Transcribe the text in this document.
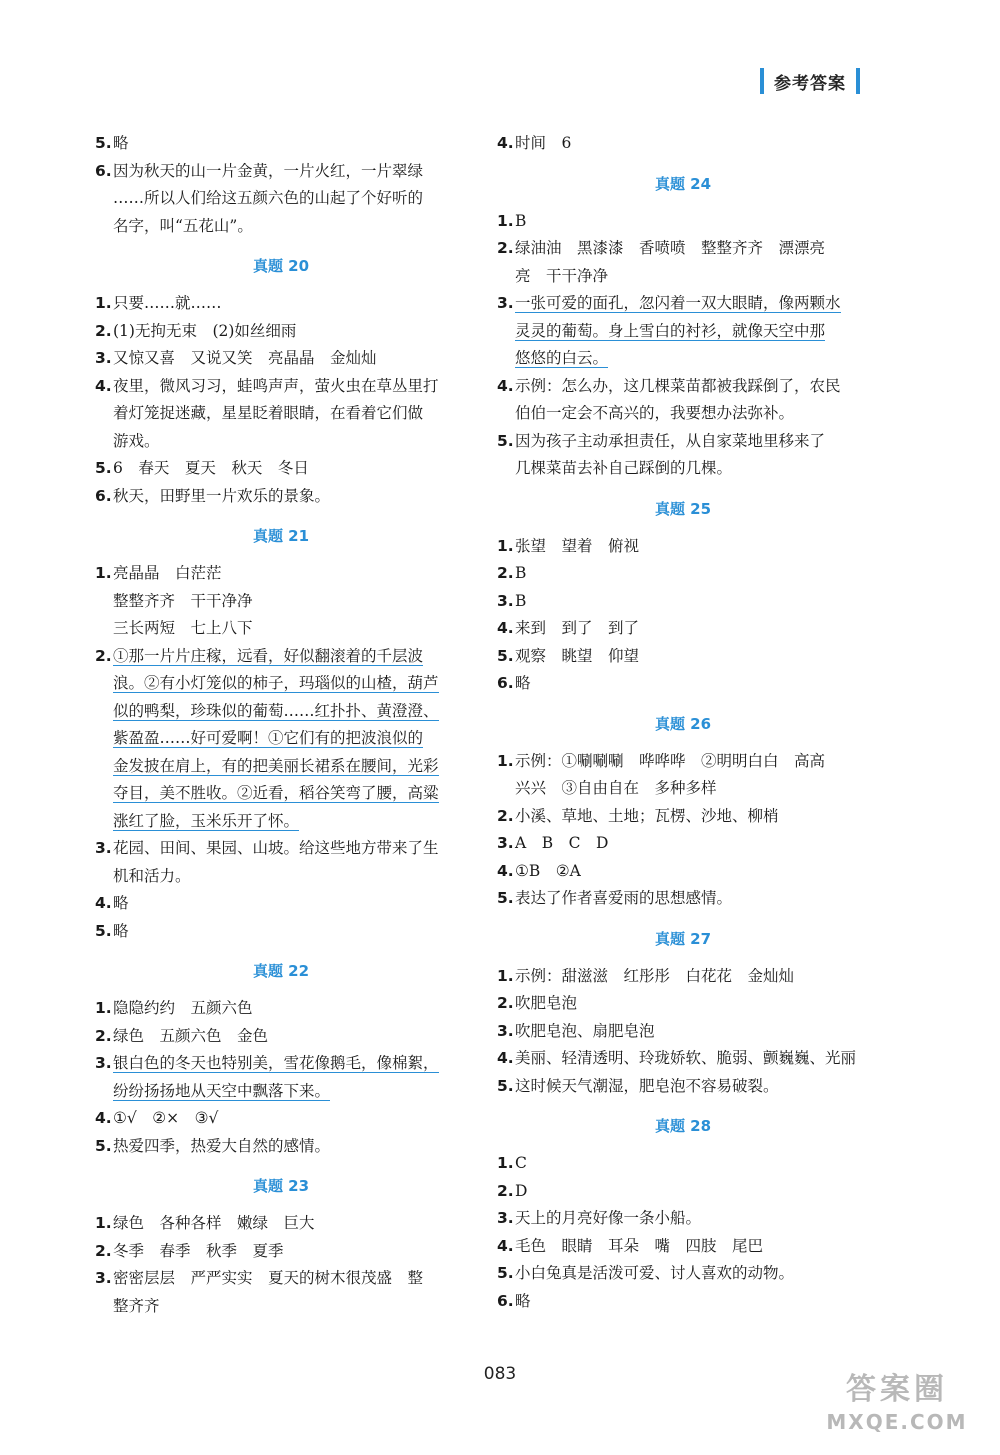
参考答案
5. 略
6. 因为秋天的山一片金黄，一片火红，一片翠绿
……所以人们给这五颜六色的山起了个好听的
名字，叫“五花山”。
真题 20
1. 只要……就……
2. (1)无拘无束　(2)如丝细雨
3. 又惊又喜　又说又笑　亮晶晶　金灿灿
4. 夜里，微风习习，蛙鸣声声，萤火虫在草丛里打
着灯笼捉迷藏，星星眨着眼睛，在看着它们做
游戏。
5. 6　春天　夏天　秋天　冬日
6. 秋天，田野里一片欢乐的景象。
真题 21
1. 亮晶晶　白茫茫
整整齐齐　干干净净
三长两短　七上八下
2. ①那一片片庄稼，远看，好似翻滚着的千层波
浪。②有小灯笼似的柿子，玛瑙似的山楂，葫芦
似的鸭梨，珍珠似的葡萄……红扑扑、黄澄澄、
紫盈盈……好可爱啊！①它们有的把波浪似的
金发披在肩上，有的把美丽长裙系在腰间，光彩
夺目，美不胜收。②近看，稻谷笑弯了腰，高粱
涨红了脸，玉米乐开了怀。
3. 花园、田间、果园、山坡。给这些地方带来了生
机和活力。
4. 略
5. 略
真题 22
1. 隐隐约约　五颜六色
2. 绿色　五颜六色　金色
3. 银白色的冬天也特别美，雪花像鹅毛，像棉絮，
纷纷扬扬地从天空中飘落下来。
4. ①√　②×　③√
5. 热爱四季，热爱大自然的感情。
真题 23
1. 绿色　各种各样　嫩绿　巨大
2. 冬季　春季　秋季　夏季
3. 密密层层　严严实实　夏天的树木很茂盛　整
整齐齐
4. 时间　6
真题 24
1. B
2. 绿油油　黑漆漆　香喷喷　整整齐齐　漂漂亮
亮　干干净净
3. 一张可爱的面孔，忽闪着一双大眼睛，像两颗水
灵灵的葡萄。身上雪白的衬衫，就像天空中那
悠悠的白云。
4. 示例：怎么办，这几棵菜苗都被我踩倒了，农民
伯伯一定会不高兴的，我要想办法弥补。
5. 因为孩子主动承担责任，从自家菜地里移来了
几棵菜苗去补自己踩倒的几棵。
真题 25
1. 张望　望着　俯视
2. B
3. B
4. 来到　到了　到了
5. 观察　眺望　仰望
6. 略
真题 26
1. 示例：①唰唰唰　哗哗哗　②明明白白　高高
兴兴　③自由自在　多种多样
2. 小溪、草地、土地；瓦楞、沙地、柳梢
3. A　B　C　D
4. ①B　②A
5. 表达了作者喜爱雨的思想感情。
真题 27
1. 示例：甜滋滋　红彤彤　白花花　金灿灿
2. 吹肥皂泡
3. 吹肥皂泡、扇肥皂泡
4. 美丽、轻清透明、玲珑娇软、脆弱、颤巍巍、光丽
5. 这时候天气潮湿，肥皂泡不容易破裂。
真题 28
1. C
2. D
3. 天上的月亮好像一条小船。
4. 毛色　眼睛　耳朵　嘴　四肢　尾巴
5. 小白兔真是活泼可爱、讨人喜欢的动物。
6. 略
083	答案圈
MXQE.COM
